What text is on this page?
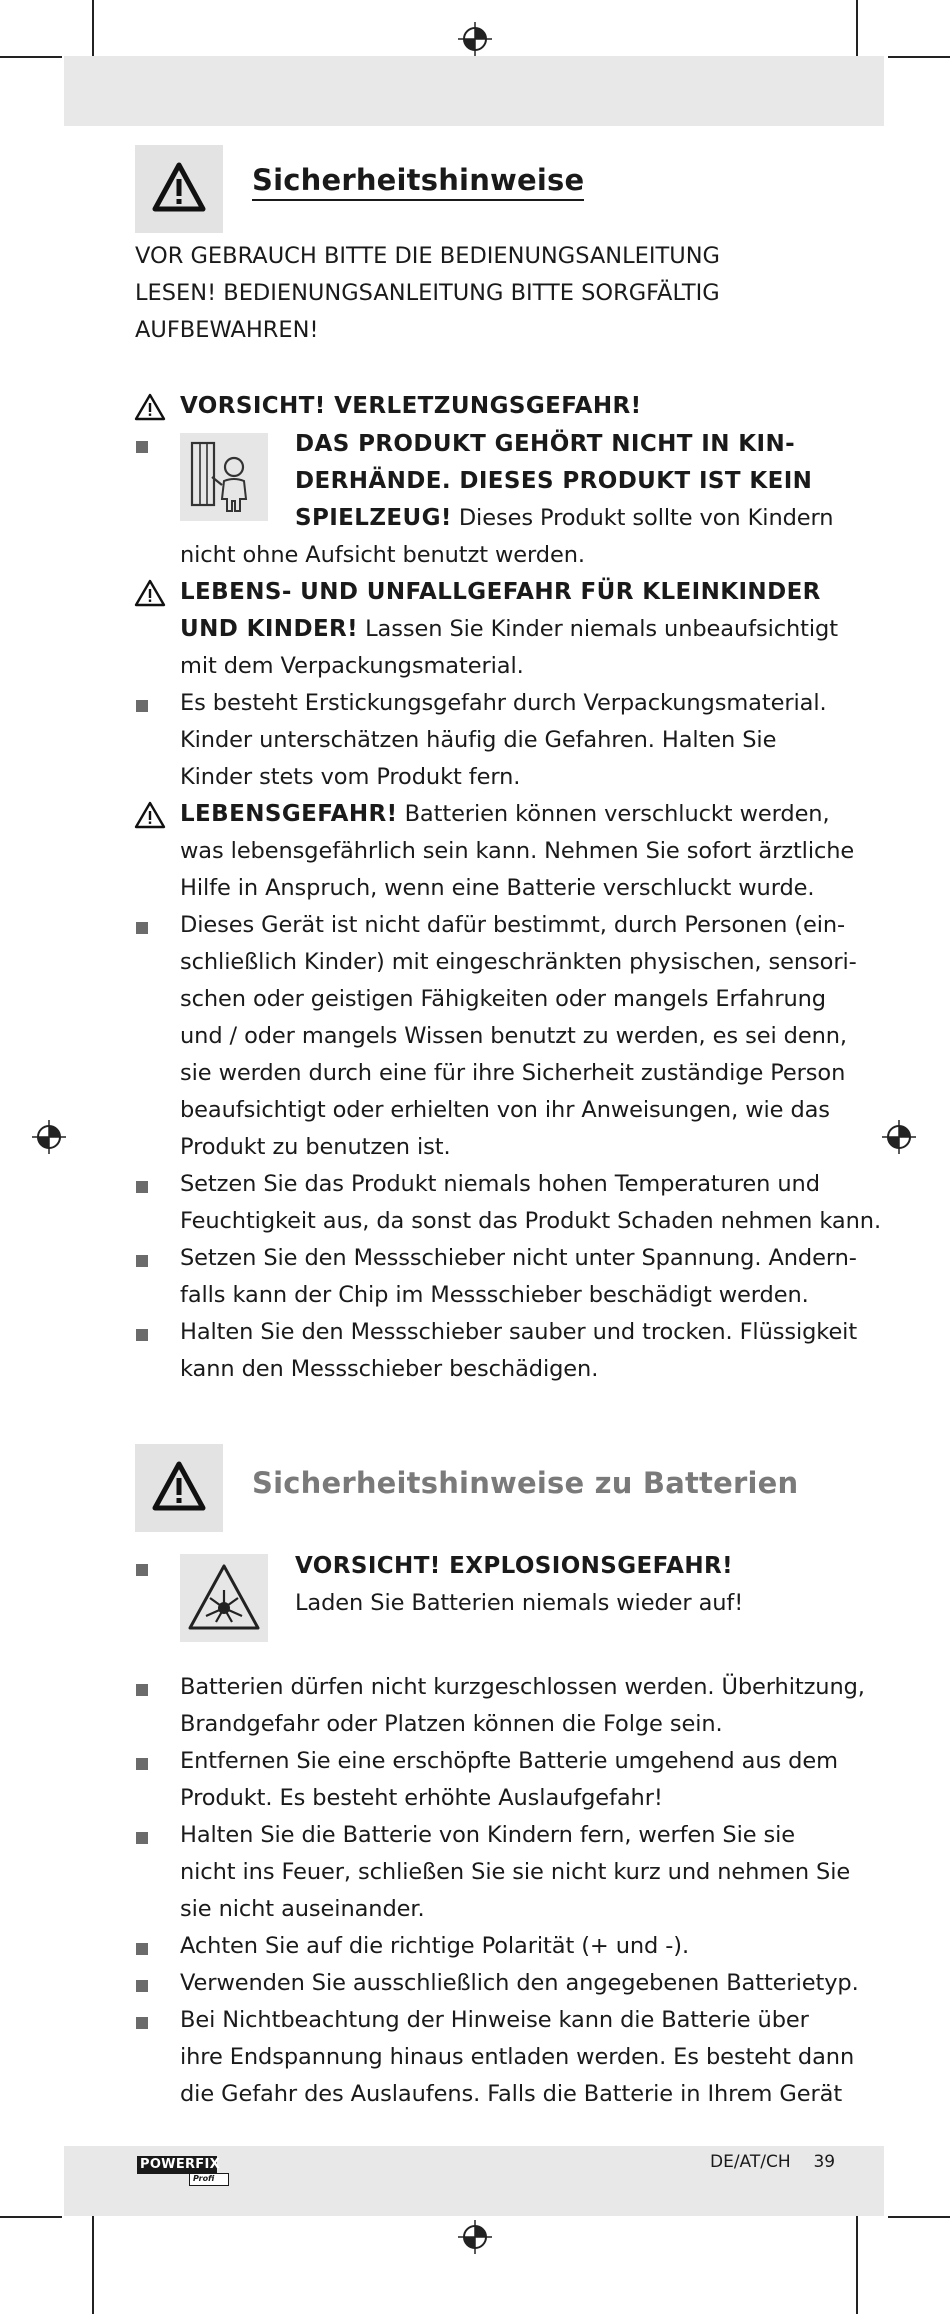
Sicherheitshinweise
VOR GEBRAUCH BITTE DIE BEDIENUNGSANLEITUNG
LESEN! BEDIENUNGSANLEITUNG BITTE SORGFÄLTIG
AUFBEWAHREN!
VORSICHT! VERLETZUNGSGEFAHR!
DAS PRODUKT GEHÖRT NICHT IN KIN-
DERHÄNDE. DIESES PRODUKT IST KEIN
SPIELZEUG! Dieses Produkt sollte von Kindern
nicht ohne Aufsicht benutzt werden.
LEBENS- UND UNFALLGEFAHR FÜR KLEINKINDER
UND KINDER! Lassen Sie Kinder niemals unbeaufsichtigt
mit dem Verpackungsmaterial.
Es besteht Erstickungsgefahr durch Verpackungsmaterial.
Kinder unterschätzen häufig die Gefahren. Halten Sie
Kinder stets vom Produkt fern.
LEBENSGEFAHR! Batterien können verschluckt werden,
was lebensgefährlich sein kann. Nehmen Sie sofort ärztliche
Hilfe in Anspruch, wenn eine Batterie verschluckt wurde.
Dieses Gerät ist nicht dafür bestimmt, durch Personen (ein-
schließlich Kinder) mit eingeschränkten physischen, sensori-
schen oder geistigen Fähigkeiten oder mangels Erfahrung
und / oder mangels Wissen benutzt zu werden, es sei denn,
sie werden durch eine für ihre Sicherheit zuständige Person
beaufsichtigt oder erhielten von ihr Anweisungen, wie das
Produkt zu benutzen ist.
Setzen Sie das Produkt niemals hohen Temperaturen und
Feuchtigkeit aus, da sonst das Produkt Schaden nehmen kann.
Setzen Sie den Messschieber nicht unter Spannung. Andern-
falls kann der Chip im Messschieber beschädigt werden.
Halten Sie den Messschieber sauber und trocken. Flüssigkeit
kann den Messschieber beschädigen.
Sicherheitshinweise zu Batterien
VORSICHT! EXPLOSIONSGEFAHR!
Laden Sie Batterien niemals wieder auf!
Batterien dürfen nicht kurzgeschlossen werden. Überhitzung,
Brandgefahr oder Platzen können die Folge sein.
Entfernen Sie eine erschöpfte Batterie umgehend aus dem
Produkt. Es besteht erhöhte Auslaufgefahr!
Halten Sie die Batterie von Kindern fern, werfen Sie sie
nicht ins Feuer, schließen Sie sie nicht kurz und nehmen Sie
sie nicht auseinander.
Achten Sie auf die richtige Polarität (+ und -).
Verwenden Sie ausschließlich den angegebenen Batterietyp.
Bei Nichtbeachtung der Hinweise kann die Batterie über
ihre Endspannung hinaus entladen werden. Es besteht dann
die Gefahr des Auslaufens. Falls die Batterie in Ihrem Gerät
POWERFIX
Profi
DE/AT/CH 39
